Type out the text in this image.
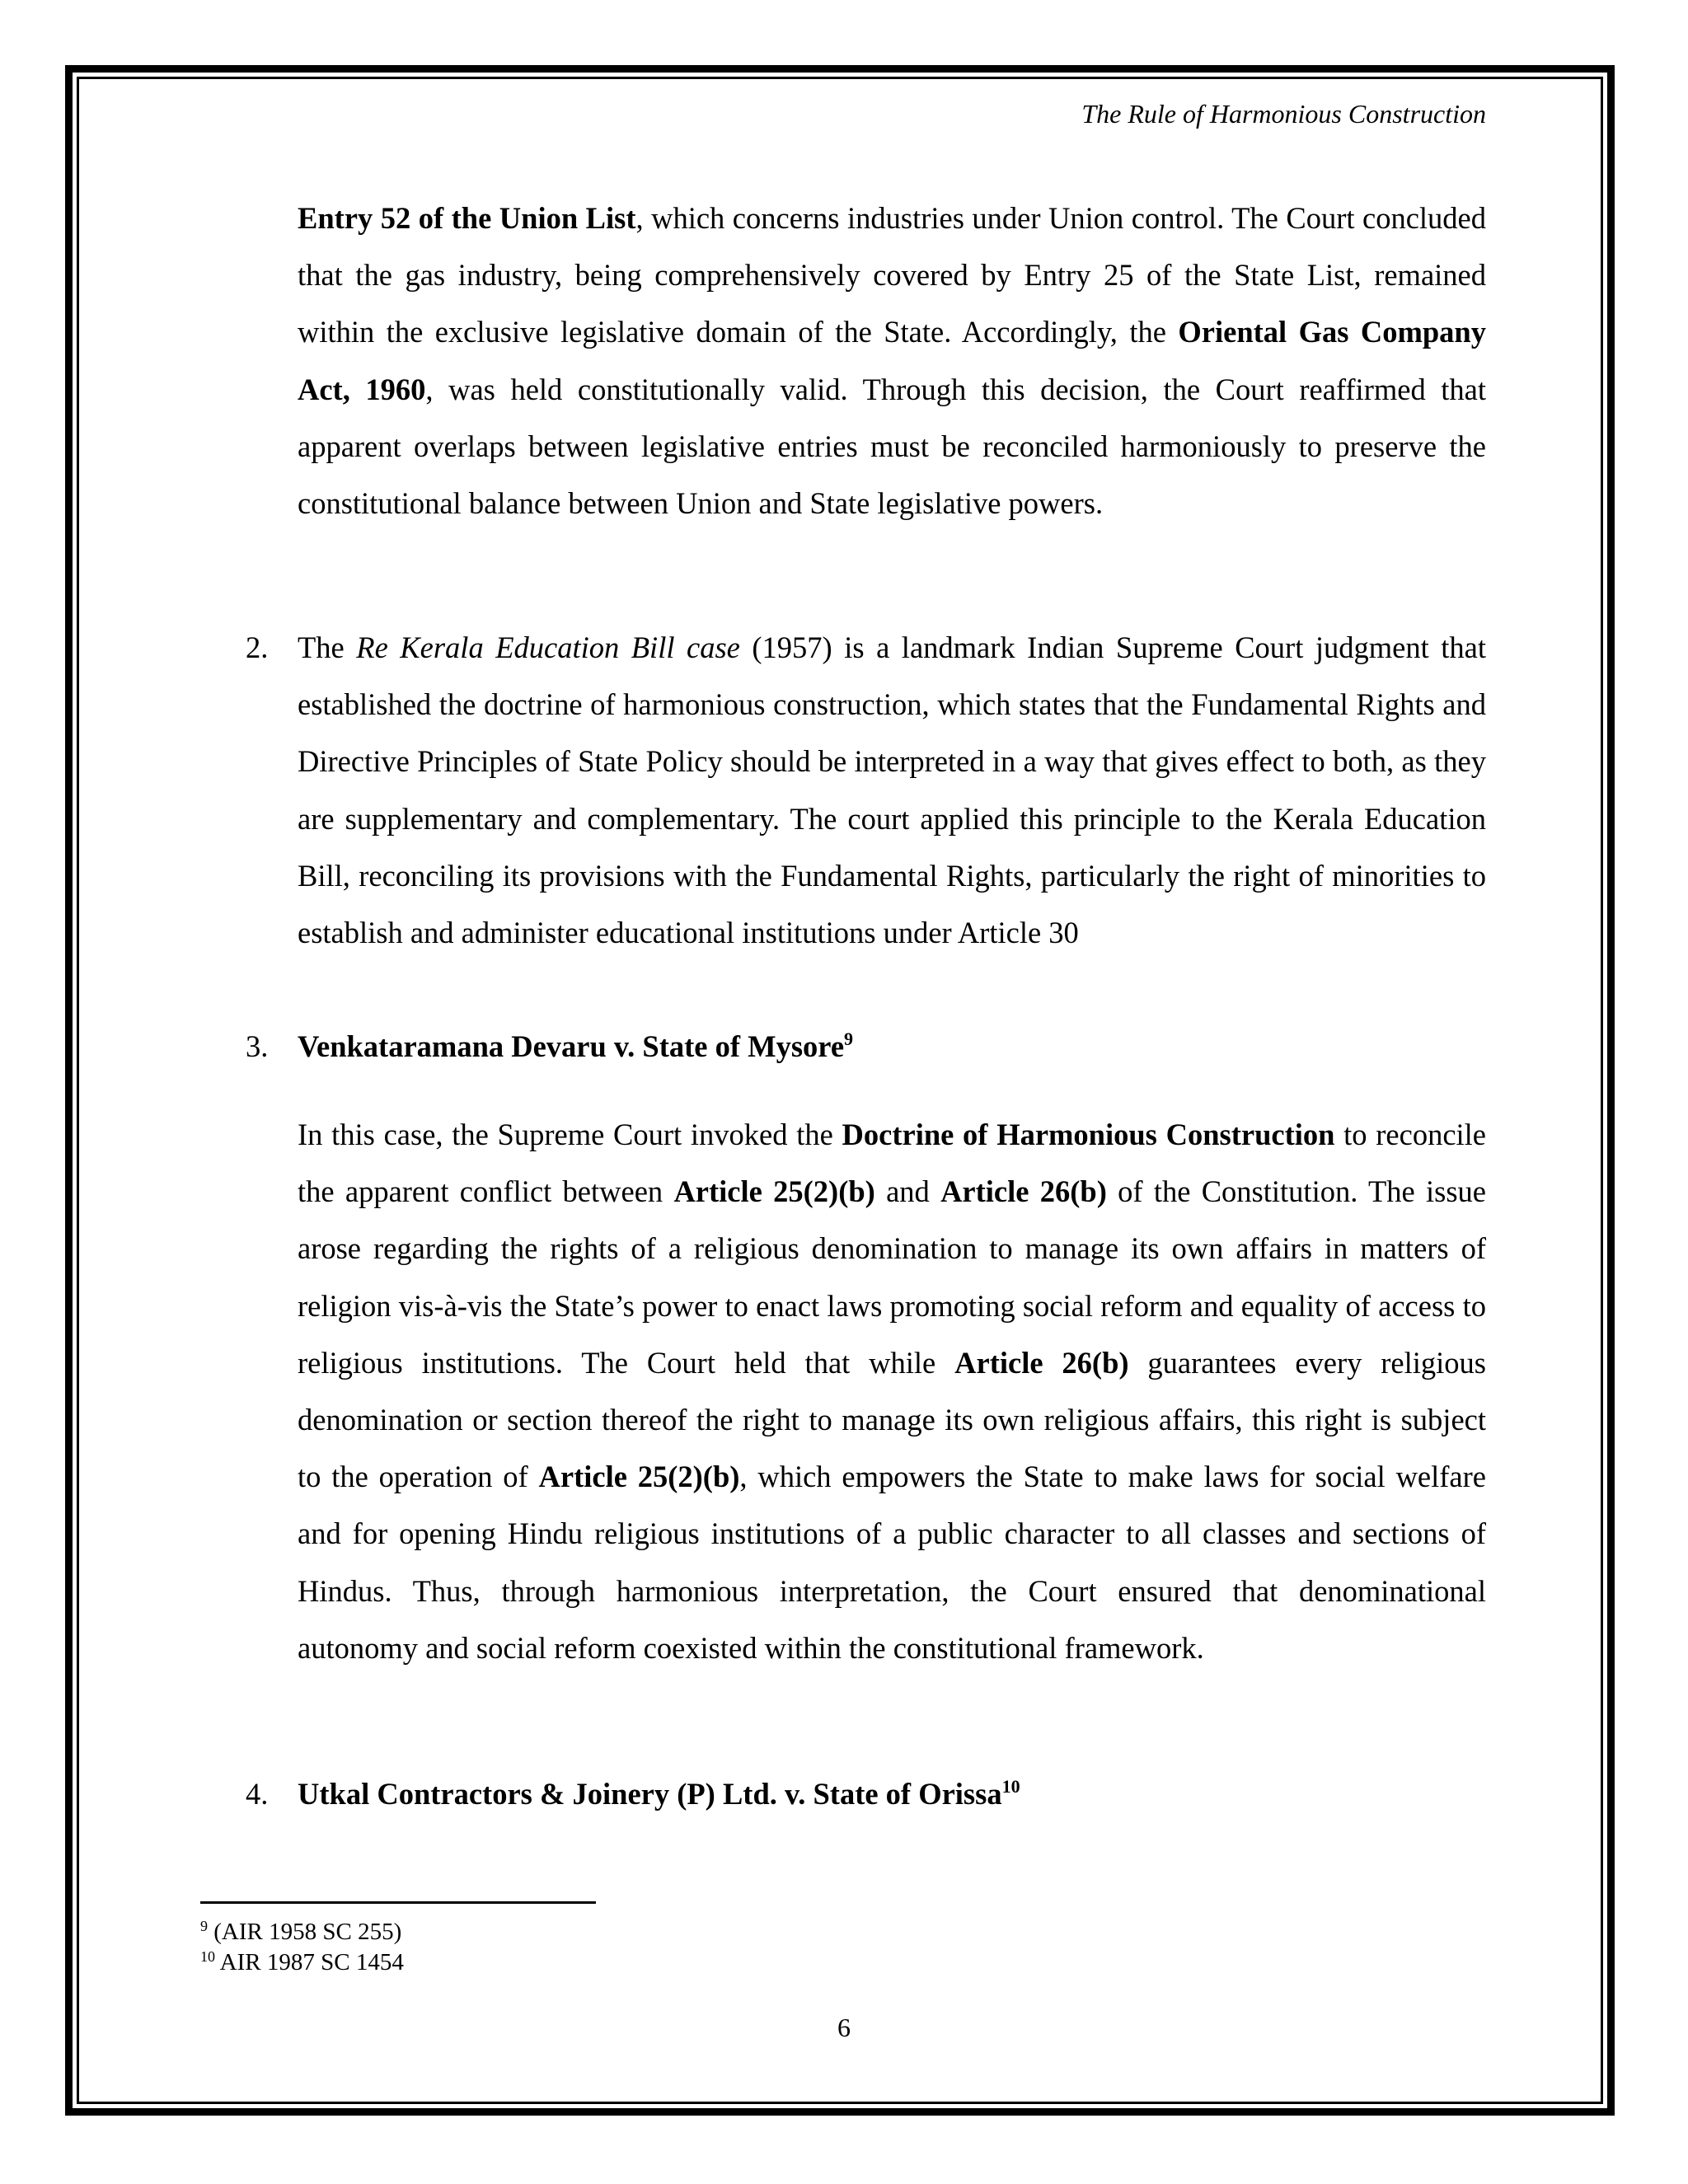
The Rule of Harmonious Construction
Entry 52 of the Union List, which concerns industries under Union control. The Court concluded that the gas industry, being comprehensively covered by Entry 25 of the State List, remained within the exclusive legislative domain of the State. Accordingly, the Oriental Gas Company Act, 1960, was held constitutionally valid. Through this decision, the Court reaffirmed that apparent overlaps between legislative entries must be reconciled harmoniously to preserve the constitutional balance between Union and State legislative powers.
2. The Re Kerala Education Bill case (1957) is a landmark Indian Supreme Court judgment that established the doctrine of harmonious construction, which states that the Fundamental Rights and Directive Principles of State Policy should be interpreted in a way that gives effect to both, as they are supplementary and complementary. The court applied this principle to the Kerala Education Bill, reconciling its provisions with the Fundamental Rights, particularly the right of minorities to establish and administer educational institutions under Article 30
3. Venkataramana Devaru v. State of Mysore$^9$
In this case, the Supreme Court invoked the Doctrine of Harmonious Construction to reconcile the apparent conflict between Article 25(2)(b) and Article 26(b) of the Constitution. The issue arose regarding the rights of a religious denomination to manage its own affairs in matters of religion vis-à-vis the State’s power to enact laws promoting social reform and equality of access to religious institutions. The Court held that while Article 26(b) guarantees every religious denomination or section thereof the right to manage its own religious affairs, this right is subject to the operation of Article 25(2)(b), which empowers the State to make laws for social welfare and for opening Hindu religious institutions of a public character to all classes and sections of Hindus. Thus, through harmonious interpretation, the Court ensured that denominational autonomy and social reform coexisted within the constitutional framework.
4. Utkal Contractors & Joinery (P) Ltd. v. State of Orissa$^{10}$
$^9$ (AIR 1958 SC 255)
$^{10}$ AIR 1987 SC 1454
6
